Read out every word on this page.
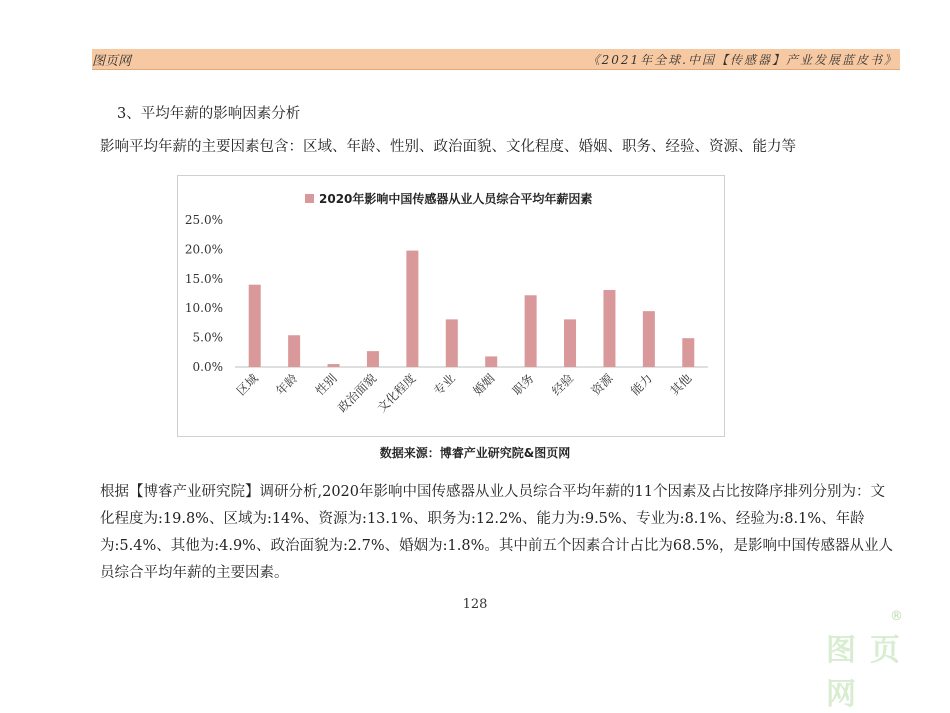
图页网	《2021年全球.中国【传感器】产业发展蓝皮书》
3、平均年薪的影响因素分析
影响平均年薪的主要因素包含：区域、年龄、性别、政治面貌、文化程度、婚姻、职务、经验、资源、能力等
2020年影响中国传感器从业人员综合平均年薪因素
0.0%
5.0%
10.0%
15.0%
20.0%
25.0%
区域 年龄 性别
政治面貌
文化程度 专业 婚姻 职务 经验 资源 能力 其他
数据来源：博睿产业研究院&图页网

根据【博睿产业研究院】调研分析,2020年影响中国传感器从业人员综合平均年薪的11个因素及占比按降序排列分别为：文化程度为:19.8%、区域为:14%、资源为:13.1%、职务为:12.2%、能力为:9.5%、专业为:8.1%、经验为:8.1%、年龄为:5.4%、其他为:4.9%、政治面貌为:2.7%、婚姻为:1.8%。其中前五个因素合计占比为68.5%，是影响中国传感器从业人员综合平均年薪的主要因素。

128
图页网
®
